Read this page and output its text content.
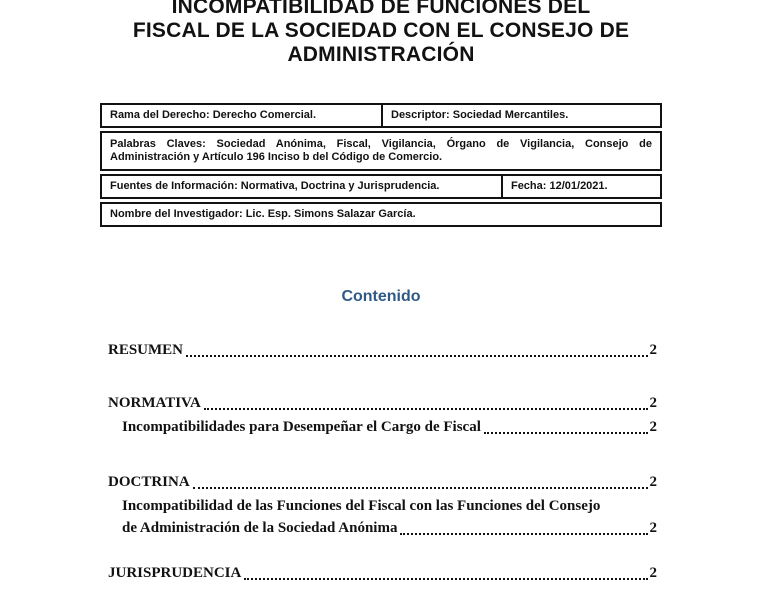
INCOMPATIBILIDAD DE FUNCIONES DEL
FISCAL DE LA SOCIEDAD CON EL CONSEJO DE
ADMINISTRACIÓN
Rama del Derecho: Derecho Comercial.	Descriptor: Sociedad Mercantiles.
Palabras Claves: Sociedad Anónima, Fiscal, Vigilancia, Órgano de Vigilancia, Consejo de Administración y Artículo 196 Inciso b del Código de Comercio.
Fuentes de Información: Normativa, Doctrina y Jurisprudencia.	Fecha: 12/01/2021.
Nombre del Investigador: Lic. Esp. Simons Salazar García.
Contenido
RESUMEN	2
NORMATIVA	2
Incompatibilidades para Desempeñar el Cargo de Fiscal	2
DOCTRINA	2
Incompatibilidad de las Funciones del Fiscal con las Funciones del Consejo
de Administración de la Sociedad Anónima	2
JURISPRUDENCIA	2
